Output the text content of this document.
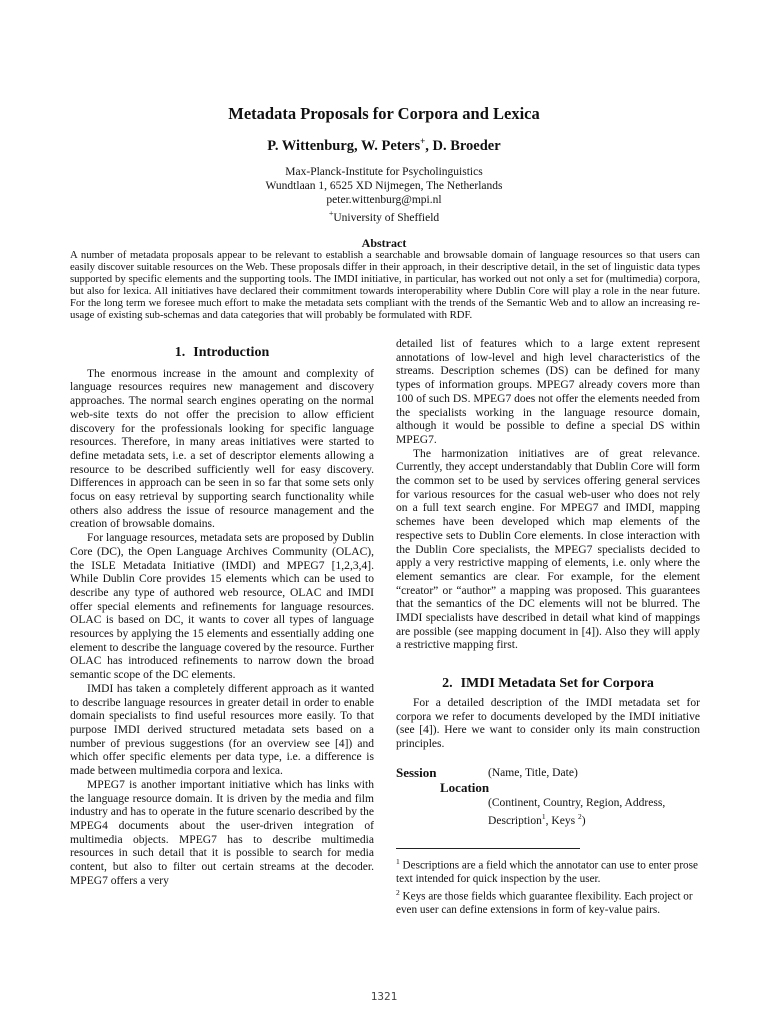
Metadata Proposals for Corpora and Lexica
P. Wittenburg, W. Peters+, D. Broeder
Max-Planck-Institute for Psycholinguistics
Wundtlaan 1, 6525 XD Nijmegen, The Netherlands
peter.wittenburg@mpi.nl
+University of Sheffield
Abstract

A number of metadata proposals appear to be relevant to establish a searchable and browsable domain of language resources so that users can easily discover suitable resources on the Web. These proposals differ in their approach, in their descriptive detail, in the set of linguistic data types supported by specific elements and the supporting tools. The IMDI initiative, in particular, has worked out not only a set for (multimedia) corpora, but also for lexica. All initiatives have declared their commitment towards interoperability where Dublin Core will play a role in the near future. For the long term we foresee much effort to make the metadata sets compliant with the trends of the Semantic Web and to allow an increasing re-usage of existing sub-schemas and data categories that will probably be formulated with RDF.

1. Introduction

The enormous increase in the amount and complexity of language resources requires new management and discovery approaches. The normal search engines operating on the normal web-site texts do not offer the precision to allow efficient discovery for the professionals looking for specific language resources. Therefore, in many areas initiatives were started to define metadata sets, i.e. a set of descriptor elements allowing a resource to be described sufficiently well for easy discovery. Differences in approach can be seen in so far that some sets only focus on easy retrieval by supporting search functionality while others also address the issue of resource management and the creation of browsable domains.

For language resources, metadata sets are proposed by Dublin Core (DC), the Open Language Archives Community (OLAC), the ISLE Metadata Initiative (IMDI) and MPEG7 [1,2,3,4]. While Dublin Core provides 15 elements which can be used to describe any type of authored web resource, OLAC and IMDI offer special elements and refinements for language resources. OLAC is based on DC, it wants to cover all types of language resources by applying the 15 elements and essentially adding one element to describe the language covered by the resource. Further OLAC has introduced refinements to narrow down the broad semantic scope of the DC elements.

IMDI has taken a completely different approach as it wanted to describe language resources in greater detail in order to enable domain specialists to find useful resources more easily. To that purpose IMDI derived structured metadata sets based on a number of previous suggestions (for an overview see [4]) and which offer specific elements per data type, i.e. a difference is made between multimedia corpora and lexica.

MPEG7 is another important initiative which has links with the language resource domain. It is driven by the media and film industry and has to operate in the future scenario described by the MPEG4 documents about the user-driven integration of multimedia objects. MPEG7 has to describe multimedia resources in such detail that it is possible to search for media content, but also to filter out certain streams at the decoder. MPEG7 offers a very

detailed list of features which to a large extent represent annotations of low-level and high level characteristics of the streams. Description schemes (DS) can be defined for many types of information groups. MPEG7 already covers more than 100 of such DS. MPEG7 does not offer the elements needed from the specialists working in the language resource domain, although it would be possible to define a special DS within MPEG7.

The harmonization initiatives are of great relevance. Currently, they accept understandably that Dublin Core will form the common set to be used by services offering general services for various resources for the casual web-user who does not rely on a full text search engine. For MPEG7 and IMDI, mapping schemes have been developed which map elements of the respective sets to Dublin Core elements. In close interaction with the Dublin Core specialists, the MPEG7 specialists decided to apply a very restrictive mapping of elements, i.e. only where the element semantics are clear. For example, for the element “creator” or “author” a mapping was proposed. This guarantees that the semantics of the DC elements will not be blurred. The IMDI specialists have described in detail what kind of mappings are possible (see mapping document in [4]). Also they will apply a restrictive mapping first.

2. IMDI Metadata Set for Corpora

For a detailed description of the IMDI metadata set for corpora we refer to documents developed by the IMDI initiative (see [4]). Here we want to consider only its main construction principles.

Session	(Name, Title, Date)
Location
(Continent, Country, Region, Address,
Description$^1$, Keys $^2$)
$^1$ Descriptions are a field which the annotator can use to enter prose text intended for quick inspection by the user.
$^2$ Keys are those fields which guarantee flexibility. Each project or even user can define extensions in form of key-value pairs.
1321
